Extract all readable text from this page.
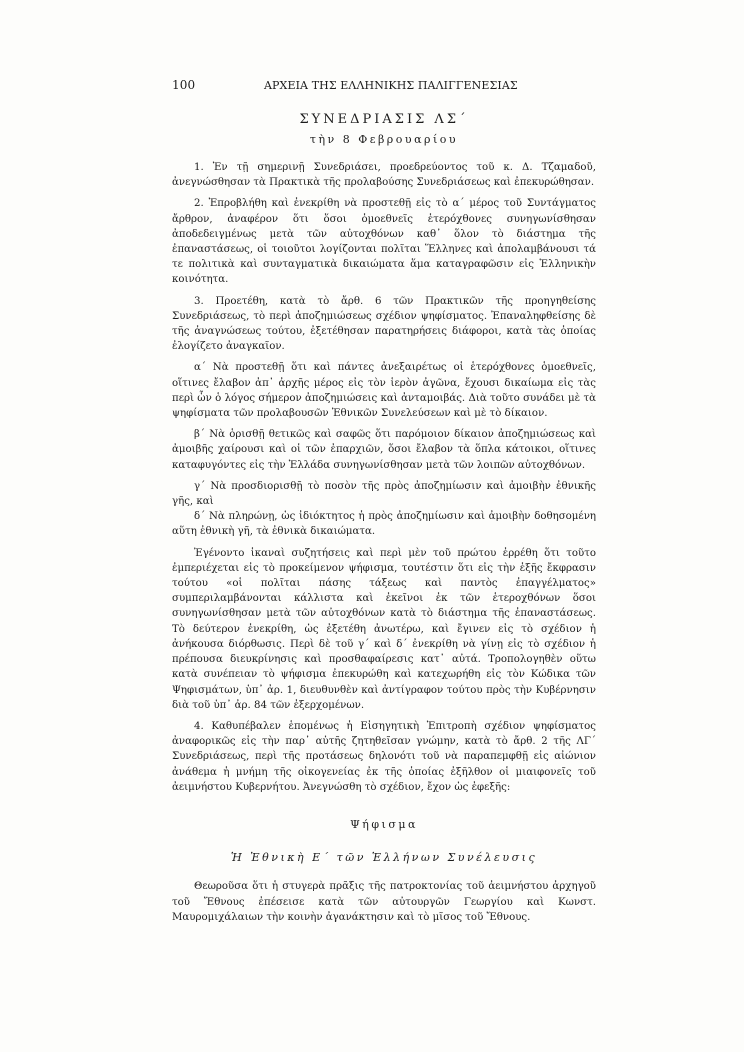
100	ΑΡΧΕΙΑ ΤΗΣ ΕΛΛΗΝΙΚΗΣ ΠΑΛΙΓΓΕΝΕΣΙΑΣ
ΣΥΝΕΔΡΙΑΣΙΣ ΛΣ΄
τὴν 8 Φεβρουαρίου

1. Ἐν τῇ σημερινῇ Συνεδριάσει, προεδρεύοντος τοῦ κ. Δ. Τζαμαδοῦ, ἀνεγνώσθησαν τὰ Πρακτικὰ τῆς προλαβούσης Συνεδριάσεως καὶ ἐπεκυρώθησαν.

2. Ἐπροβλήθη καὶ ἐνεκρίθη νὰ προστεθῇ εἰς τὸ α΄ μέρος τοῦ Συντάγματος ἄρθρον, ἀναφέρον ὅτι ὅσοι ὁμοεθνεῖς ἑτερόχθονες συνηγωνίσθησαν ἀποδεδειγμένως μετὰ τῶν αὐτοχθόνων καθ᾿ ὅλον τὸ διάστημα τῆς ἐπαναστάσεως, οἱ τοιοῦτοι λογίζονται πολῖται Ἕλληνες καὶ ἀπολαμβάνουσι τά τε πολιτικὰ καὶ συνταγματικὰ δικαιώματα ἅμα καταγραφῶσιν εἰς Ἑλληνικὴν κοινότητα.

3. Προετέθη, κατὰ τὸ ἄρθ. 6 τῶν Πρακτικῶν τῆς προηγηθείσης Συνεδριάσεως, τὸ περὶ ἀποζημιώσεως σχέδιον ψηφίσματος. Ἐπαναληφθείσης δὲ τῆς ἀναγνώσεως τούτου, ἐξετέθησαν παρατηρήσεις διάφοροι, κατὰ τὰς ὁποίας ἐλογίζετο ἀναγκαῖον.

α΄ Νὰ προστεθῇ ὅτι καὶ πάντες ἀνεξαιρέτως οἱ ἑτερόχθονες ὁμοεθνεῖς, οἵτινες ἔλαβον ἀπ᾿ ἀρχῆς μέρος εἰς τὸν ἱερὸν ἀγῶνα, ἔχουσι δικαίωμα εἰς τὰς περὶ ὧν ὁ λόγος σήμερον ἀποζημιώσεις καὶ ἀνταμοιβάς. Διὰ τοῦτο συνάδει μὲ τὰ ψηφίσματα τῶν προλαβουσῶν Ἐθνικῶν Συνελεύσεων καὶ μὲ τὸ δίκαιον.

β΄ Νὰ ὁρισθῇ θετικῶς καὶ σαφῶς ὅτι παρόμοιον δίκαιον ἀποζημιώσεως καὶ ἀμοιβῆς χαίρουσι καὶ οἱ τῶν ἐπαρχιῶν, ὅσοι ἔλαβον τὰ ὅπλα κάτοικοι, οἵτινες καταφυγόντες εἰς τὴν Ἑλλάδα συνηγωνίσθησαν μετὰ τῶν λοιπῶν αὐτοχθόνων.

γ΄ Νὰ προσδιορισθῇ τὸ ποσὸν τῆς πρὸς ἀποζημίωσιν καὶ ἀμοιβὴν ἐθνικῆς γῆς, καὶ

δ΄ Νὰ πληρώνῃ, ὡς ἰδιόκτητος ἡ πρὸς ἀποζημίωσιν καὶ ἀμοιβὴν δοθησομένη αὕτη ἐθνικὴ γῆ, τὰ ἐθνικὰ δικαιώματα.

Ἐγένοντο ἱκαναὶ συζητήσεις καὶ περὶ μὲν τοῦ πρώτου ἐρρέθη ὅτι τοῦτο ἐμπεριέχεται εἰς τὸ προκείμενον ψήφισμα, τουτέστιν ὅτι εἰς τὴν ἑξῆς ἔκφρασιν τούτου «οἱ πολῖται πάσης τάξεως καὶ παντὸς ἐπαγγέλματος» συμπεριλαμβάνονται κάλλιστα καὶ ἐκεῖνοι ἐκ τῶν ἑτεροχθόνων ὅσοι συνηγωνίσθησαν μετὰ τῶν αὐτοχθόνων κατὰ τὸ διάστημα τῆς ἐπαναστάσεως. Τὸ δεύτερον ἐνεκρίθη, ὡς ἐξετέθη ἀνωτέρω, καὶ ἔγινεν εἰς τὸ σχέδιον ἡ ἀνήκουσα διόρθωσις. Περὶ δὲ τοῦ γ΄ καὶ δ΄ ἐνεκρίθη νὰ γίνῃ εἰς τὸ σχέδιον ἡ πρέπουσα διευκρίνησις καὶ προσθαφαίρεσις κατ᾿ αὐτά. Τροπολογηθὲν οὕτω κατὰ συνέπειαν τὸ ψήφισμα ἐπεκυρώθη καὶ κατεχωρήθη εἰς τὸν Κώδικα τῶν Ψηφισμάτων, ὑπ᾿ ἀρ. 1, διευθυνθὲν καὶ ἀντίγραφον τούτου πρὸς τὴν Κυβέρνησιν διὰ τοῦ ὑπ᾿ ἀρ. 84 τῶν ἐξερχομένων.

4. Καθυπέβαλεν ἑπομένως ἡ Εἰσηγητικὴ Ἐπιτροπὴ σχέδιον ψηφίσματος ἀναφορικῶς εἰς τὴν παρ᾿ αὐτῆς ζητηθεῖσαν γνώμην, κατὰ τὸ ἄρθ. 2 τῆς ΛΓ΄ Συνεδριάσεως, περὶ τῆς προτάσεως δηλονότι τοῦ νὰ παραπεμφθῇ εἰς αἰώνιον ἀνάθεμα ἡ μνήμη τῆς οἰκογενείας ἐκ τῆς ὁποίας ἐξῆλθον οἱ μιαιφονεῖς τοῦ ἀειμνήστου Κυβερνήτου. Ἀνεγνώσθη τὸ σχέδιον, ἔχον ὡς ἐφεξῆς:

Ψήφισμα
Ἡ Ἐθνικὴ Ε΄ τῶν Ἑλλήνων Συνέλευσις

Θεωροῦσα ὅτι ἡ στυγερὰ πρᾶξις τῆς πατροκτονίας τοῦ ἀειμνήστου ἀρχηγοῦ τοῦ Ἔθνους ἐπέσεισε κατὰ τῶν αὐτουργῶν Γεωργίου καὶ Κωνστ. Μαυρομιχάλαιων τὴν κοινὴν ἀγανάκτησιν καὶ τὸ μῖσος τοῦ Ἔθνους.
